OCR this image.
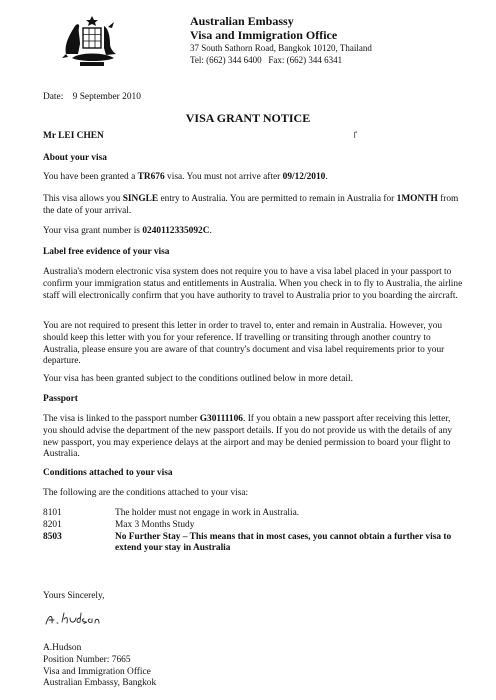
Australian Embassy
Visa and Immigration Office
37 South Sathorn Road, Bangkok 10120, Thailand
Tel: (662) 344 6400   Fax: (662) 344 6341
Date:    9 September 2010
VISA GRANT NOTICE
Mr LEI CHEN	ٵ
About your visa
You have been granted a TR676 visa. You must not arrive after 09/12/2010.
This visa allows you SINGLE entry to Australia. You are permitted to remain in Australia for 1MONTH from the date of your arrival.
Your visa grant number is 0240112335092C.
Label free evidence of your visa
Australia's modern electronic visa system does not require you to have a visa label placed in your passport to confirm your immigration status and entitlements in Australia. When you check in to fly to Australia, the airline staff will electronically confirm that you have authority to travel to Australia prior to you boarding the aircraft.
You are not required to present this letter in order to travel to, enter and remain in Australia. However, you should keep this letter with you for your reference. If travelling or transiting through another country to Australia, please ensure you are aware of that country's document and visa label requirements prior to your departure.
Your visa has been granted subject to the conditions outlined below in more detail.
Passport
The visa is linked to the passport number G30111106. If you obtain a new passport after receiving this letter, you should advise the department of the new passport details. If you do not provide us with the details of any new passport, you may experience delays at the airport and may be denied permission to board your flight to Australia.
Conditions attached to your visa
The following are the conditions attached to your visa:
8101	The holder must not engage in work in Australia.
8201	Max 3 Months Study
8503	No Further Stay – This means that in most cases, you cannot obtain a further visa to extend your stay in Australia
Yours Sincerely,
A.Hudson
Position Number: 7665
Visa and Immigration Office
Australian Embassy, Bangkok
